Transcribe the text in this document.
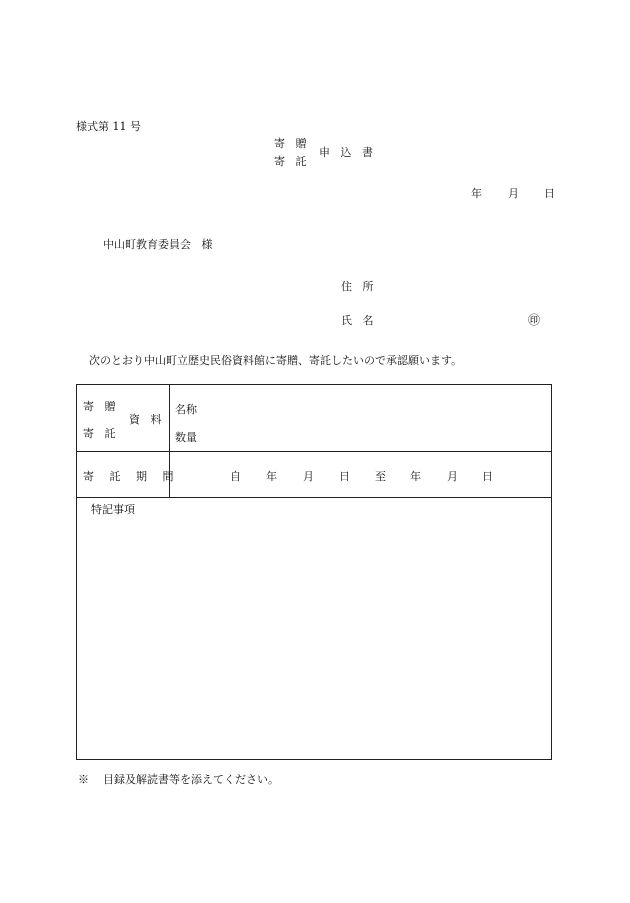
様式第 11 号
寄 贈
寄 託
申 込 書
年 月 日
中山町教育委員会 様
住 所
氏 名	㊞
次のとおり中山町立歴史民俗資料館に寄贈、寄託したいので承認願います。
寄 贈
寄 託
資 料
名称
数量
寄 託 期 間	自 年 月 日 至 年 月 日
特記事項
※ 目録及解読書等を添えてください。
